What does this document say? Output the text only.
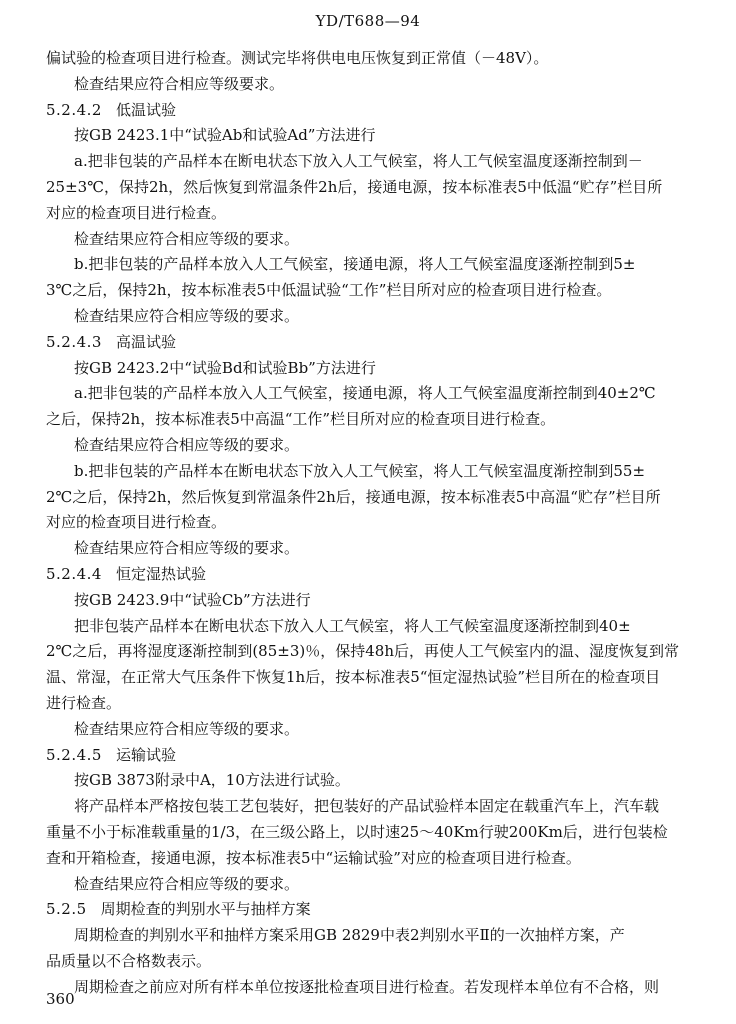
YD/T688—94
偏试验的检查项目进行检查。测试完毕将供电电压恢复到正常值（－48V）。
检查结果应符合相应等级要求。
5.2.4.2 低温试验
按GB 2423.1中“试验Ab和试验Ad”方法进行
a.把非包装的产品样本在断电状态下放入人工气候室，将人工气候室温度逐渐控制到－
25±3℃，保持2h，然后恢复到常温条件2h后，接通电源，按本标准表5中低温“贮存”栏目所
对应的检查项目进行检查。
检查结果应符合相应等级的要求。
b.把非包装的产品样本放入人工气候室，接通电源，将人工气候室温度逐渐控制到5±
3℃之后，保持2h，按本标准表5中低温试验“工作”栏目所对应的检查项目进行检查。
检查结果应符合相应等级的要求。
5.2.4.3 高温试验
按GB 2423.2中“试验Bd和试验Bb”方法进行
a.把非包装的产品样本放入人工气候室，接通电源，将人工气候室温度渐控制到40±2℃
之后，保持2h，按本标准表5中高温“工作”栏目所对应的检查项目进行检查。
检查结果应符合相应等级的要求。
b.把非包装的产品样本在断电状态下放入人工气候室，将人工气候室温度渐控制到55±
2℃之后，保持2h，然后恢复到常温条件2h后，接通电源，按本标准表5中高温“贮存”栏目所
对应的检查项目进行检查。
检查结果应符合相应等级的要求。
5.2.4.4 恒定湿热试验
按GB 2423.9中“试验Cb”方法进行
把非包装产品样本在断电状态下放入人工气候室，将人工气候室温度逐渐控制到40±
2℃之后，再将湿度逐渐控制到(85±3)％，保持48h后，再使人工气候室内的温、湿度恢复到常
温、常湿，在正常大气压条件下恢复1h后，按本标准表5“恒定湿热试验”栏目所在的检查项目
进行检查。
检查结果应符合相应等级的要求。
5.2.4.5 运输试验
按GB 3873附录中A，10方法进行试验。
将产品样本严格按包装工艺包装好，把包装好的产品试验样本固定在载重汽车上，汽车载
重量不小于标准载重量的1/3，在三级公路上，以时速25～40Km行驶200Km后，进行包装检
查和开箱检查，接通电源，按本标准表5中“运输试验”对应的检查项目进行检查。
检查结果应符合相应等级的要求。
5.2.5 周期检查的判别水平与抽样方案
周期检查的判别水平和抽样方案采用GB 2829中表2判别水平Ⅱ的一次抽样方案，产
品质量以不合格数表示。
周期检查之前应对所有样本单位按逐批检查项目进行检查。若发现样本单位有不合格，则
360
